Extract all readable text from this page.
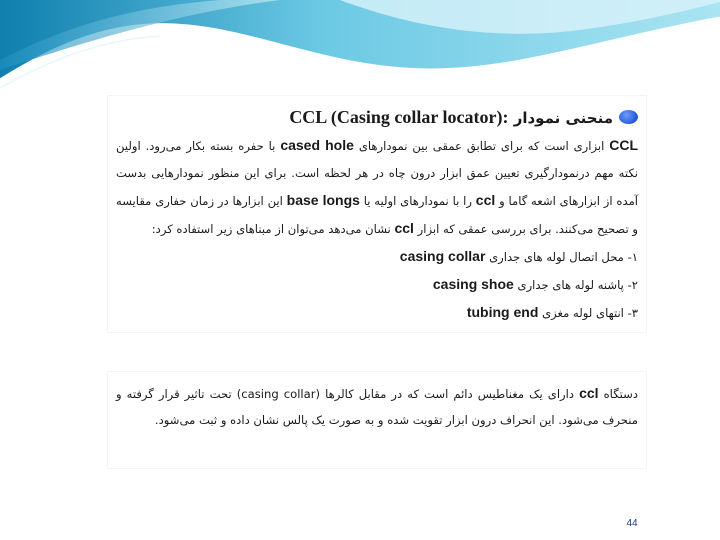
منحنی نمودار CCL (Casing collar locator):

CCL ابزاری است که برای تطابق عمقی بین نمودارهای cased hole با حفره بسته بکار می‌رود. اولین نکته مهم درنمودارگیری تعیین عمق ابزار درون چاه در هر لحظه است. برای این منظور نمودارهایی بدست آمده از ابزارهای اشعه گاما و ccl را با نمودارهای اولیه یا base longs این ابزارها در زمان حفاری مقایسه و تصحیح می‌کنند. برای بررسی عمقی که ابزار ccl نشان می‌دهد می‌توان از مبناهای زیر استفاده کرد:

۱- محل اتصال لوله های جداری casing collar
۲- پاشنه لوله های جداری casing shoe
۳- انتهای لوله مغزی tubing end

دستگاه ccl دارای یک مغناطیس دائم است که در مقابل کالرها (casing collar) تحت تاثیر قرار گرفته و منحرف می‌شود. این انحراف درون ابزار تقویت شده و به صورت یک پالس نشان داده و ثبت می‌شود.

44
